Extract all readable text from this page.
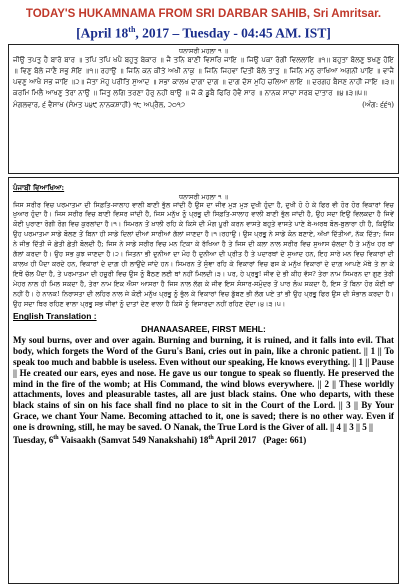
TODAY'S HUKAMNAMA FROM SRI DARBAR SAHIB, Sri Amritsar.
[April 18th, 2017 – Tuesday - 04:45 AM. IST]
ਧਨਾਸਰੀ ਮਹਲਾ ੧ ॥
ਜੀਉ ਤਪਤੁ ਹੈ ਬਾਰੋ ਬਾਰ ॥ ਤਪਿ ਤਪਿ ਖਪੈ ਬਹੁਤੁ ਬੇਕਾਰ ॥ ਜੈ ਤਨਿ ਬਾਣੀ ਵਿਸਰਿ ਜਾਇ ॥ ਜਿਉ ਪਕਾ ਰੋਗੀ ਵਿਲਲਾਇ ॥੧॥ ਬਹੁਤਾ ਬੋਲਣੁ ਝਖਣੁ ਹੋਇ ॥ ਵਿਣੁ ਬੋਲੇ ਜਾਣੈ ਸਭੁ ਸੋਇ ॥੧॥ ਰਹਾਉ ॥ ਜਿਨਿ ਕਨ ਕੀਤੇ ਅਖੀ ਨਾਕੁ ॥ ਜਿਨਿ ਜਿਹਵਾ ਦਿਤੀ ਬੋਲੇ ਤਾਤੁ ॥ ਜਿਨਿ ਮਨੁ ਰਾਖਿਆ ਅਗਨੀ ਪਾਇ ॥ ਵਾਜੈ ਪਵਣੁ ਆਖੈ ਸਭ ਜਾਇ ॥੨॥ ਜੇਤਾ ਮੋਹੁ ਪਰੀਤਿ ਸੁਆਦ ॥ ਸਭਾ ਕਾਲਖ ਦਾਗਾ ਦਾਗ ॥ ਦਾਗ ਦੋਸ ਮੁਹਿ ਚਲਿਆ ਲਾਇ ॥ ਦਰਗਹ ਬੈਸਣ ਨਾਹੀ ਜਾਇ ॥੩॥ ਕਰਮਿ ਮਿਲੈ ਆਖਣੁ ਤੇਰਾ ਨਾਉ ॥ ਜਿਤੁ ਲਗਿ ਤਰਣਾ ਹੋਰੁ ਨਹੀ ਥਾਉ ॥ ਜੇ ਕੋ ਡੂਬੈ ਫਿਰਿ ਹੋਵੈ ਸਾਰ ॥ ਨਾਨਕ ਸਾਚਾ ਸਰਬ ਦਾਤਾਰ ॥੪॥੩॥੫॥
ਮੰਗਲਵਾਰ, ੬ ਵੈਸਾਖ (ਸੰਮਤ ੫੪੯ ਨਾਨਕਸ਼ਾਹੀ) ੧੮ ਅਪ੍ਰੈਲ, ੨੦੧੭	(ਅੰਗ: ੬੬੧)
ਪੰਜਾਬੀ ਵਿਆਖਿਆ:
ਧਨਾਸਰੀ ਮਹਲਾ ੧ ॥
ਜਿਸ ਸਰੀਰ ਵਿਚ ਪਰਮਾਤਮਾ ਦੀ ਸਿਫ਼ਤਿ-ਸਾਲਾਹ ਵਾਲੀ ਬਾਣੀ ਭੁੱਲ ਜਾਂਦੀ ਹੈ ਉਸ ਦਾ ਜੀਵ ਮੁੜ ਮੁੜ ਦੁਖੀ ਹੁੰਦਾ ਹੈ, ਦੁਖੀ ਹੋ ਹੋ ਕੇ ਫਿਰ ਵੀ ਹੋਰ ਹੋਰ ਵਿਕਾਰਾਂ ਵਿਚ ਖ਼ੁਆਰ ਹੁੰਦਾ ਹੈ। ਜਿਸ ਸਰੀਰ ਵਿਚ ਬਾਣੀ ਵਿਸਰ ਜਾਂਦੀ ਹੈ, ਜਿਸ ਮਨੁੱਖ ਨੂੰ ਪ੍ਰਭੂ ਦੀ ਸਿਫ਼ਤਿ-ਸਾਲਾਹ ਵਾਲੀ ਬਾਣੀ ਭੁੱਲ ਜਾਂਦੀ ਹੈ, ਉਹ ਸਦਾ ਇਉਂ ਵਿਲਕਦਾ ਹੈ ਜਿਵੇਂ ਕੋਈ ਪੁਰਾਣਾ ਰੋਗੀ ਰੋਗ ਵਿਚ ਕੁਰਲਾਂਦਾ ਹੈ।੧। ਸਿਮਰਨ ਤੋਂ ਖ਼ਾਲੀ ਰਹਿ ਕੇ ਕਿਸੇ ਦੀ ਮੰਗ ਪੂਰੀ ਕਰਨ ਵਾਸਤੇ ਬਹੁਤੇ ਵਾਸਤੇ ਪਾਣੇ ਬੇ-ਅਰਥ ਬੋਲ-ਬੁਲਾਰਾ ਹੀ ਹੈ, ਕਿਉਂਕਿ ਉਹ ਪਰਮਾਤਮਾ ਸਾਡੇ ਬੋਲਣ ਤੋਂ ਬਿਨਾ ਹੀ ਸਾਡੇ ਦਿਲਾਂ ਦੀਆਂ ਸਾਰੀਆਂ ਗੱਲਾਂ ਜਾਣਦਾ ਹੈ।੧।ਰਹਾਉ। ਉਸ ਪ੍ਰਭੂ ਨੇ ਸਾਡੇ ਕੰਨ ਬਣਾਏ, ਅੱਖਾਂ ਦਿੱਤੀਆਂ, ਨੱਕ ਦਿੱਤਾ; ਜਿਸ ਨੇ ਜੀਭ ਦਿੱਤੀ ਜੋ ਛੇਤੀ ਛੇਤੀ ਬੋਲਦੀ ਹੈ; ਜਿਸ ਨੇ ਸਾਡੇ ਸਰੀਰ ਵਿਚ ਮਨ ਟਿਕਾ ਕੇ ਰੱਖਿਆ ਹੈ ਤੇ ਜਿਸ ਦੀ ਕਲਾ ਨਾਲ ਸਰੀਰ ਵਿਚ ਸੁਆਸ ਚੱਲਦਾ ਹੈ ਤੇ ਮਨੁੱਖ ਹਰ ਥਾਂ ਗੱਲਾਂ ਕਰਦਾ ਹੈ। ਉਹ ਸਭ ਕੁਝ ਜਾਣਦਾ ਹੈ।੨। ਜਿਤਨਾ ਭੀ ਦੁਨੀਆ ਦਾ ਮੋਹ ਹੈ ਦੁਨੀਆ ਦੀ ਪ੍ਰੀਤ ਹੈ ਤੇ ਪਦਾਰਥਾਂ ਦੇ ਸੁਆਦ ਹਨ, ਇਹ ਸਾਰੇ ਮਨ ਵਿਚ ਵਿਕਾਰਾਂ ਦੀ ਕਾਲਖ ਹੀ ਪੈਦਾ ਕਰਦੇ ਹਨ, ਵਿਕਾਰਾਂ ਦੇ ਦਾਗ਼ ਹੀ ਲਾਉਂਦੇ ਜਾਂਦੇ ਹਨ। ਸਿਮਰਨ ਤੋਂ ਸੁੰਞਾ ਰਹਿ ਕੇ ਵਿਕਾਰਾਂ ਵਿਚ ਫਸ ਕੇ ਮਨੁੱਖ ਵਿਕਾਰਾਂ ਦੇ ਦਾਗ਼ ਆਪਣੇ ਮੱਥੇ ਤੇ ਲਾ ਕੇ ਇਥੋਂ ਚੱਲ ਪੈਂਦਾ ਹੈ, ਤੇ ਪਰਮਾਤਮਾ ਦੀ ਹਜ਼ੂਰੀ ਵਿਚ ਉਸ ਨੂੰ ਬੈਠਣ ਲਈ ਥਾਂ ਨਹੀਂ ਮਿਲਦੀ।੩। ਪਰ, ਹੇ ਪ੍ਰਭੂ! ਜੀਵ ਦੇ ਭੀ ਕੀਹ ਵੱਸ? ਤੇਰਾ ਨਾਮ ਸਿਮਰਨ ਦਾ ਗੁਣ ਤੇਰੀ ਮੇਹਰ ਨਾਲ ਹੀ ਮਿਲ ਸਕਦਾ ਹੈ, ਤੇਰਾ ਨਾਮ ਇਕ ਐਸਾ ਆਸਰਾ ਹੈ ਜਿਸ ਨਾਲ ਲੱਗ ਕੇ ਜੀਵ ਇਸ ਸੰਸਾਰ-ਸਮੁੰਦਰ ਤੋਂ ਪਾਰ ਲੰਘ ਸਕਦਾ ਹੈ, ਇਸ ਤੋਂ ਬਿਨਾ ਹੋਰ ਕੋਈ ਥਾਂ ਨਹੀਂ ਹੈ। ਹੇ ਨਾਨਕ! ਨਿਰਾਸਤਾ ਦੀ ਲਹਿਰ ਨਾਲ ਜੇ ਕੋਈ ਮਨੁੱਖ ਪ੍ਰਭੂ ਨੂੰ ਭੁੱਲ ਕੇ ਵਿਕਾਰਾਂ ਵਿਚ ਡੁੱਬਣ ਭੀ ਲੱਗ ਪਏ ਤਾਂ ਭੀ ਉਹ ਪ੍ਰਭੂ ਫਿਰ ਉਸ ਦੀ ਸੰਭਾਲ ਕਰਦਾ ਹੈ। ਉਹ ਸਦਾ ਥਿਰ ਰਹਿਣ ਵਾਲਾ ਪ੍ਰਭੂ ਸਭ ਜੀਵਾਂ ਨੂੰ ਦਾਤਾਂ ਦੇਣ ਵਾਲਾ ਹੈ ਕਿਸੇ ਨੂੰ ਵਿਸਾਰਦਾ ਨਹੀਂ ਰਹਿਣ ਦੇਂਦਾ।੪।੩।੫।
English Translation :
DHANAASAREE, FIRST MEHL:
My soul burns, over and over again. Burning and burning, it is ruined, and it falls into evil. That body, which forgets the Word of the Guru's Bani, cries out in pain, like a chronic patient. || 1 || To speak too much and babble is useless. Even without our speaking, He knows everything. || 1 || Pause || He created our ears, eyes and nose. He gave us our tongue to speak so fluently. He preserved the mind in the fire of the womb; at His Command, the wind blows everywhere. || 2 || These worldly attachments, loves and pleasurable tastes, all are just black stains. One who departs, with these black stains of sin on his face shall find no place to sit in the Court of the Lord. || 3 || By Your Grace, we chant Your Name. Becoming attached to it, one is saved; there is no other way. Even if one is drowning, still, he may be saved. O Nanak, the True Lord is the Giver of all. || 4 || 3 || 5 ||
Tuesday, 6th Vaisaakh (Samvat 549 Nanakshahi) 18th April 2017 (Page: 661)
